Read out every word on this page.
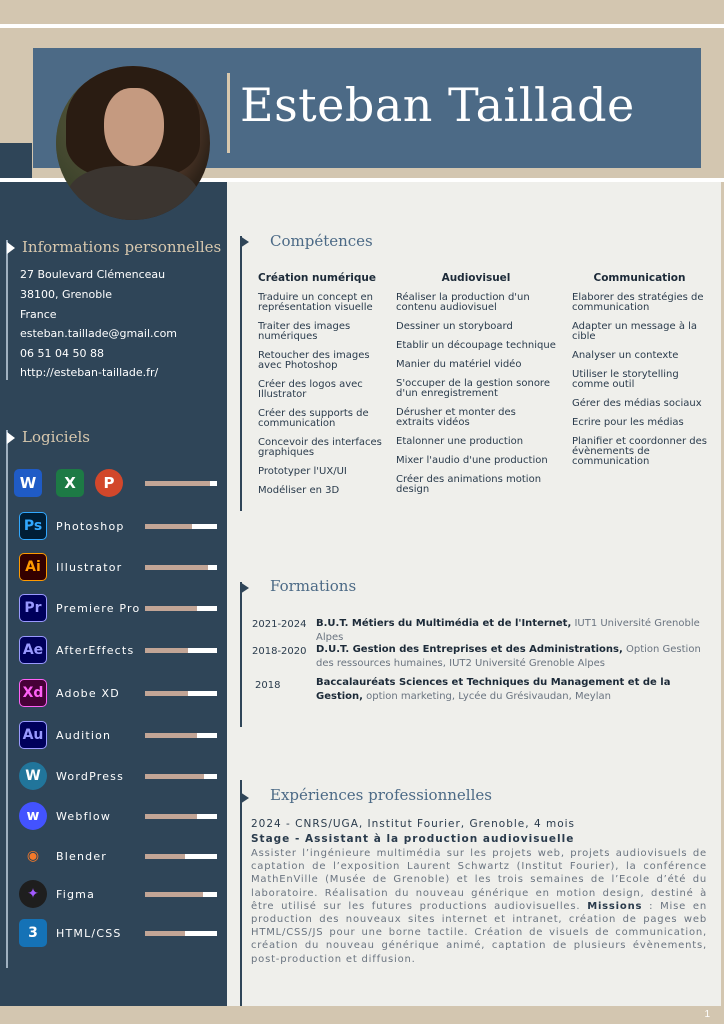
1
Esteban Taillade
Informations personnelles
27 Boulevard Clémenceau
38100, Grenoble
France
esteban.taillade@gmail.com
06 51 04 50 88
http://esteban-taillade.fr/
Logiciels
W	X	P
Ps	Photoshop
Ai	Illustrator
Pr	Premiere Pro
Ae	AfterEffects
Xd	Adobe XD
Au	Audition
W	WordPress
w	Webflow
◉	Blender
✦	Figma
3	HTML/CSS
Compétences
Création numérique
Traduire un concept en représentation visuelle
Traiter des images numériques
Retoucher des images avec Photoshop
Créer des logos avec Illustrator
Créer des supports de communication
Concevoir des interfaces graphiques
Prototyper l'UX/UI
Modéliser en 3D
Audiovisuel
Réaliser la production d'un contenu audiovisuel
Dessiner un storyboard
Etablir un découpage technique
Manier du matériel vidéo
S'occuper de la gestion sonore d'un enregistrement
Dérusher et monter des extraits vidéos
Etalonner une production
Mixer l'audio d'une production
Créer des animations motion design
Communication
Elaborer des stratégies de communication
Adapter un message à la cible
Analyser un contexte
Utiliser le storytelling comme outil
Gérer des médias sociaux
Ecrire pour les médias
Planifier et coordonner des évènements de communication
Formations
2021-2024 B.U.T. Métiers du Multimédia et de l'Internet, IUT1 Université Grenoble Alpes
2018-2020 D.U.T. Gestion des Entreprises et des Administrations, Option Gestion des ressources humaines, IUT2 Université Grenoble Alpes
2018	Baccalauréats Sciences et Techniques du Management et de la Gestion, option marketing, Lycée du Grésivaudan, Meylan
Expériences professionnelles
2024 - CNRS/UGA, Institut Fourier, Grenoble, 4 mois
Stage - Assistant à la production audiovisuelle
Assister l’ingénieure multimédia sur les projets web, projets audiovisuels de captation de l’exposition Laurent Schwartz (Institut Fourier), la conférence MathEnVille (Musée de Grenoble) et les trois semaines de l’Ecole d’été du laboratoire. Réalisation du nouveau générique en motion design, destiné à être utilisé sur les futures productions audiovisuelles. Missions : Mise en production des nouveaux sites internet et intranet, création de pages web HTML/CSS/JS pour une borne tactile. Création de visuels de communication, création du nouveau générique animé, captation de plusieurs évènements, post-production et diffusion.
